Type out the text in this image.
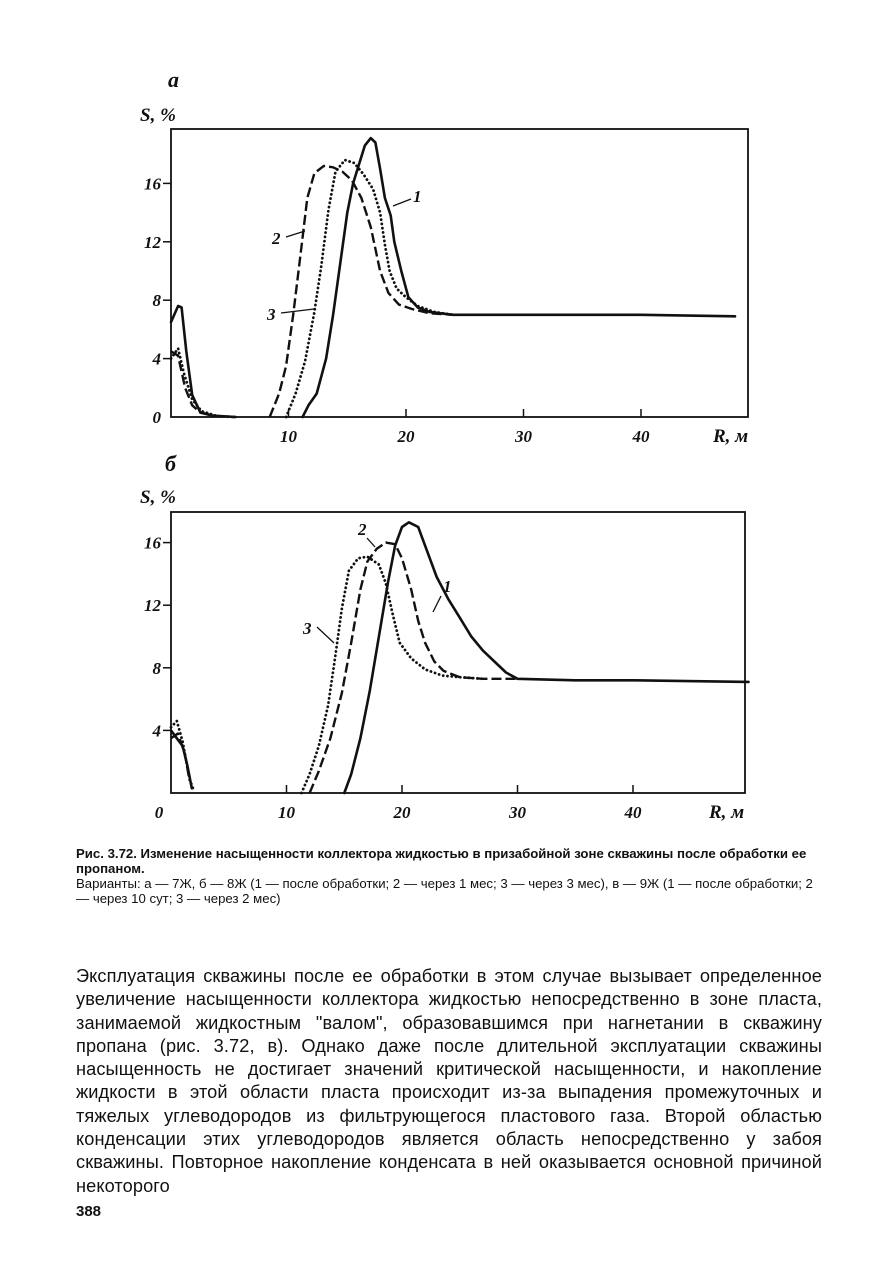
а
S, %
0
4
8
12
16
10	20	30	40	R, м
1
2
3
б
S, %
4
8
12
16
0	10	20	30	40	R, м
1
2
3
Рис. 3.72. Изменение насыщенности коллектора жидкостью в призабойной зоне скважины после обработки ее пропаном.
Варианты: а — 7Ж, б — 8Ж (1 — после обработки; 2 — через 1 мес; 3 — через 3 мес), в — 9Ж (1 — после обработки; 2 — через 10 сут; 3 — через 2 мес)
Эксплуатация скважины после ее обработки в этом случае вызывает определенное увеличение насыщенности коллектора жидкостью непосредственно в зоне пласта, занимаемой жидкостным "валом", образовавшимся при нагнетании в скважину пропана (рис. 3.72, в). Однако даже после длительной эксплуатации скважины насыщенность не достигает значений критической насыщенности, и накопление жидкости в этой области пласта происходит из-за выпадения промежуточных и тяжелых углеводородов из фильтрующегося пластового газа. Второй областью конденсации этих углеводородов является область непосредственно у забоя скважины. Повторное накопление конденсата в ней оказывается основной причиной некоторого
388
